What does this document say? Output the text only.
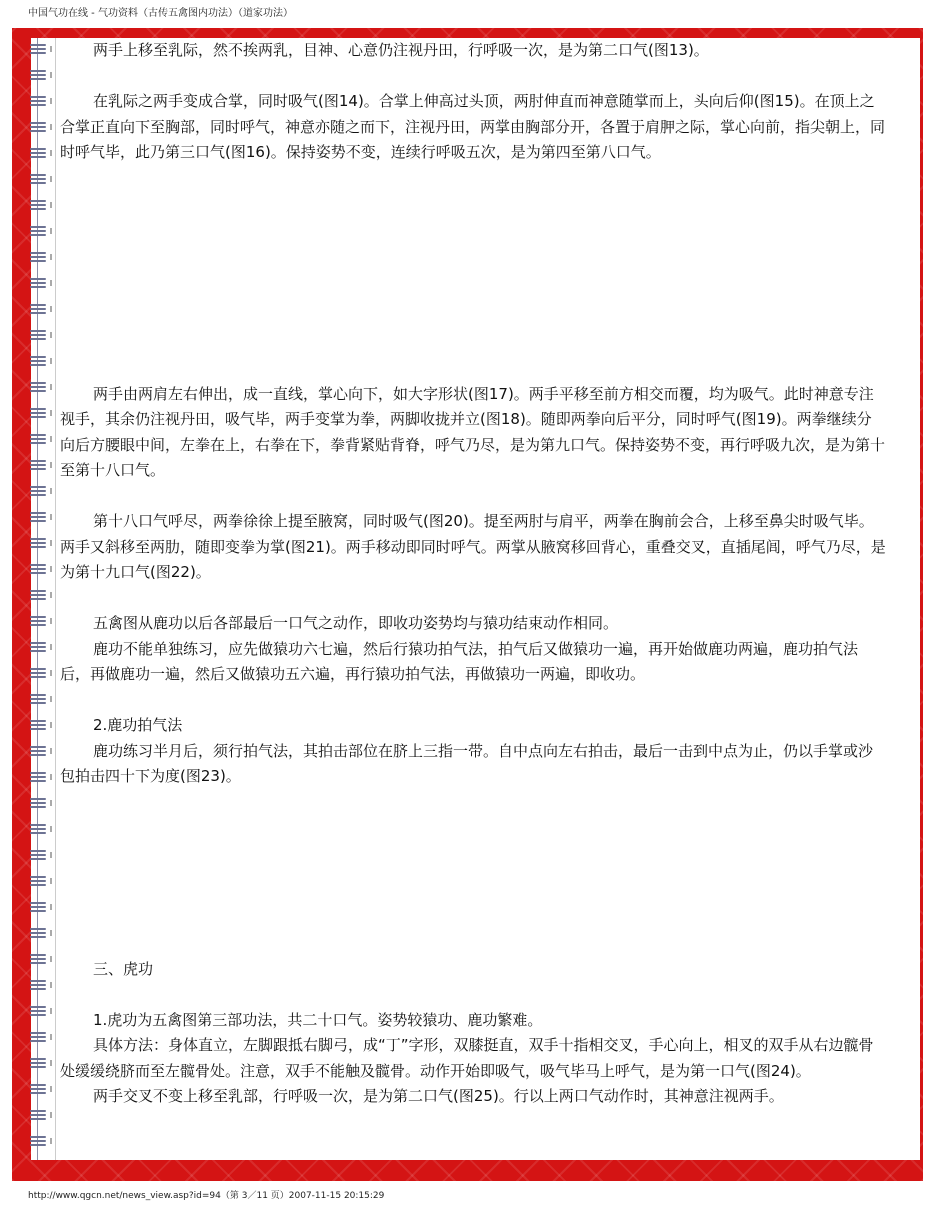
中国气功在线 - 气功资料（古传五禽图内功法）（道家功法）

两手上移至乳际，然不挨两乳，目神、心意仍注视丹田，行呼吸一次，是为第二口气(图13)。

在乳际之两手变成合掌，同时吸气(图14)。合掌上伸高过头顶，两肘伸直而神意随掌而上，头向后仰(图15)。在顶上之合掌正直向下至胸部，同时呼气，神意亦随之而下，注视丹田，两掌由胸部分开，各置于肩胛之际，掌心向前，指尖朝上，同时呼气毕，此乃第三口气(图16)。保持姿势不变，连续行呼吸五次，是为第四至第八口气。

两手由两肩左右伸出，成一直线，掌心向下，如大字形状(图17)。两手平移至前方相交而覆，均为吸气。此时神意专注视手，其余仍注视丹田，吸气毕，两手变掌为拳，两脚收拢并立(图18)。随即两拳向后平分，同时呼气(图19)。两拳继续分向后方腰眼中间，左拳在上，右拳在下，拳背紧贴背脊，呼气乃尽，是为第九口气。保持姿势不变，再行呼吸九次，是为第十至第十八口气。

第十八口气呼尽，两拳徐徐上提至腋窝，同时吸气(图20)。提至两肘与肩平，两拳在胸前会合，上移至鼻尖时吸气毕。两手又斜移至两肋，随即变拳为掌(图21)。两手移动即同时呼气。两掌从腋窝移回背心，重叠交叉，直插尾闾，呼气乃尽，是为第十九口气(图22)。

五禽图从鹿功以后各部最后一口气之动作，即收功姿势均与猿功结束动作相同。

鹿功不能单独练习，应先做猿功六七遍，然后行猿功拍气法，拍气后又做猿功一遍，再开始做鹿功两遍，鹿功拍气法后，再做鹿功一遍，然后又做猿功五六遍，再行猿功拍气法，再做猿功一两遍，即收功。

2.鹿功拍气法

鹿功练习半月后，须行拍气法，其拍击部位在脐上三指一带。自中点向左右拍击，最后一击到中点为止，仍以手掌或沙包拍击四十下为度(图23)。

三、虎功

1.虎功为五禽图第三部功法，共二十口气。姿势较猿功、鹿功繁难。

具体方法：身体直立，左脚跟抵右脚弓，成“丁”字形，双膝挺直，双手十指相交叉，手心向上，相叉的双手从右边髋骨处缓缓绕脐而至左髋骨处。注意，双手不能触及髋骨。动作开始即吸气，吸气毕马上呼气，是为第一口气(图24)。

两手交叉不变上移至乳部，行呼吸一次，是为第二口气(图25)。行以上两口气动作时，其神意注视两手。

http://www.qgcn.net/news_view.asp?id=94（第 3／11 页）2007-11-15 20:15:29
